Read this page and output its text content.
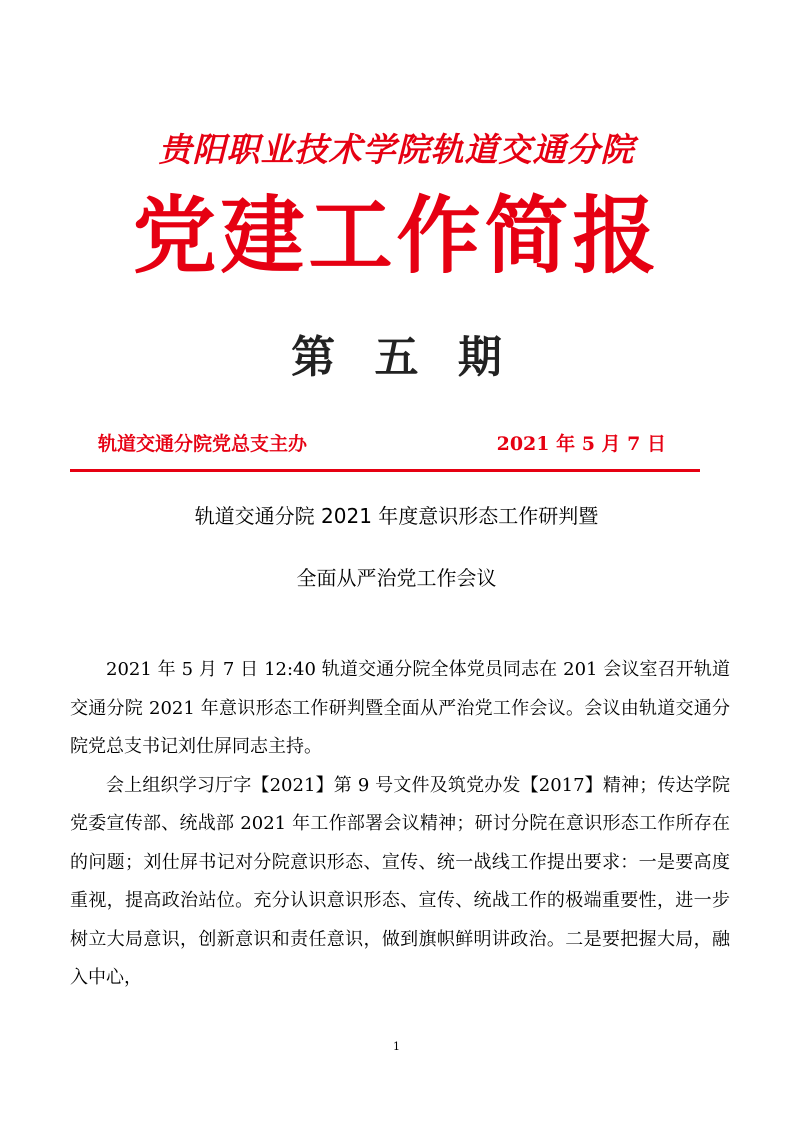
贵阳职业技术学院轨道交通分院
党建工作简报
第 五 期
轨道交通分院党总支主办	2021 年 5 月 7 日
轨道交通分院 2021 年度意识形态工作研判暨
全面从严治党工作会议

2021 年 5 月 7 日 12:40 轨道交通分院全体党员同志在 201 会议室召开轨道交通分院 2021 年意识形态工作研判暨全面从严治党工作会议。会议由轨道交通分院党总支书记刘仕屏同志主持。

会上组织学习厅字【2021】第 9 号文件及筑党办发【2017】精神；传达学院党委宣传部、统战部 2021 年工作部署会议精神；研讨分院在意识形态工作所存在的问题；刘仕屏书记对分院意识形态、宣传、统一战线工作提出要求：一是要高度重视，提高政治站位。充分认识意识形态、宣传、统战工作的极端重要性，进一步树立大局意识，创新意识和责任意识，做到旗帜鲜明讲政治。二是要把握大局，融入中心，

1
